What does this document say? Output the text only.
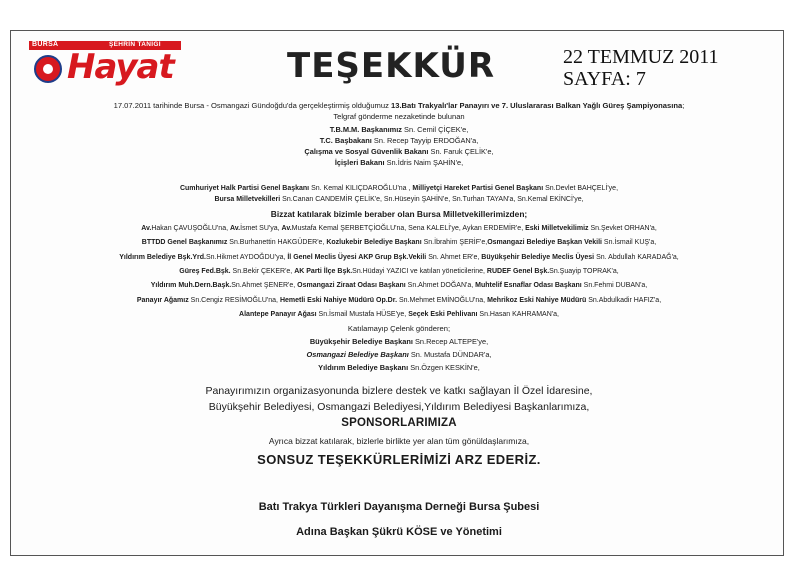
BURSA	ŞEHRİN TANIĞI
Hayat	TEŞEKKÜR	22 TEMMUZ 2011
SAYFA: 7
17.07.2011 tarihinde Bursa - Osmangazi Gündoğdu'da gerçekleştirmiş olduğumuz 13.Batı Trakyalı'lar Panayırı ve 7. Uluslararası Balkan Yağlı Güreş Şampiyonasına;
Telgraf gönderme nezaketinde bulunan
T.B.M.M. Başkanımız Sn. Cemil ÇİÇEK'e,
T.C. Başbakanı Sn. Recep Tayyip ERDOĞAN'a,
Çalışma ve Sosyal Güvenlik Bakanı Sn. Faruk ÇELİK'e,
İçişleri Bakanı Sn.İdris Naim ŞAHİN'e,
Cumhuriyet Halk Partisi Genel Başkanı Sn. Kemal KILIÇDAROĞLU'na , Milliyetçi Hareket Partisi Genel Başkanı Sn.Devlet BAHÇELİ'ye,
Bursa Milletvekilleri Sn.Canan CANDEMİR ÇELİK'e, Sn.Hüseyin ŞAHİN'e, Sn.Turhan TAYAN'a, Sn.Kemal EKİNCİ'ye,
Bizzat katılarak bizimle beraber olan Bursa Milletvekillerimizden;
Av.Hakan ÇAVUŞOĞLU'na, Av.İsmet SU'ya, Av.Mustafa Kemal ŞERBETÇİOĞLU'na, Sena KALELİ'ye, Aykan ERDEMİR'e, Eski Milletvekilimiz Sn.Şevket ORHAN'a,
BTTDD Genel Başkanımız Sn.Burhanettin HAKGÜDER'e, Kozlukebir Belediye Başkanı Sn.İbrahim ŞERİF'e,Osmangazi Belediye Başkan Vekili Sn.İsmail KUŞ'a,
Yıldırım Belediye Bşk.Yrd.Sn.Hikmet AYDOĞDU'ya, İl Genel Meclis Üyesi AKP Grup Bşk.Vekili Sn. Ahmet ER'e, Büyükşehir Belediye Meclis Üyesi Sn. Abdullah KARADAĞ'a,
Güreş Fed.Bşk. Sn.Bekir ÇEKER'e, AK Parti İlçe Bşk.Sn.Hüdayi YAZICI ve katılan yöneticilerine, RUDEF Genel Bşk.Sn.Şuayip TOPRAK'a,
Yıldırım Muh.Dern.Başk.Sn.Ahmet ŞENER'e, Osmangazi Ziraat Odası Başkanı Sn.Ahmet DOĞAN'a, Muhtelif Esnaflar Odası Başkanı Sn.Fehmi DUBAN'a,
Panayır Ağamız Sn.Cengiz RESİMOĞLU'na, Hemetli Eski Nahiye Müdürü Op.Dr. Sn.Mehmet EMİNOĞLU'na, Mehrikoz Eski Nahiye Müdürü Sn.Abdulkadir HAFIZ'a,
Alantepe Panayır Ağası Sn.İsmail Mustafa HÜSE'ye, Seçek Eski Pehlivanı Sn.Hasan KAHRAMAN'a,
Katılamayıp Çelenk gönderen;
Büyükşehir Belediye Başkanı Sn.Recep ALTEPE'ye,
Osmangazi Belediye Başkanı Sn. Mustafa DÜNDAR'a,
Yıldırım Belediye Başkanı Sn.Özgen KESKİN'e,
Panayırımızın organizasyonunda bizlere destek ve katkı sağlayan İl Özel İdaresine,
Büyükşehir Belediyesi, Osmangazi Belediyesi,Yıldırım Belediyesi Başkanlarımıza,
SPONSORLARIMIZA
Ayrıca bizzat katılarak, bizlerle birlikte yer alan tüm gönüldaşlarımıza,
SONSUZ TEŞEKKÜRLERİMİZİ ARZ EDERİZ.
Batı Trakya Türkleri Dayanışma Derneği Bursa Şubesi
Adına Başkan Şükrü KÖSE ve Yönetimi
